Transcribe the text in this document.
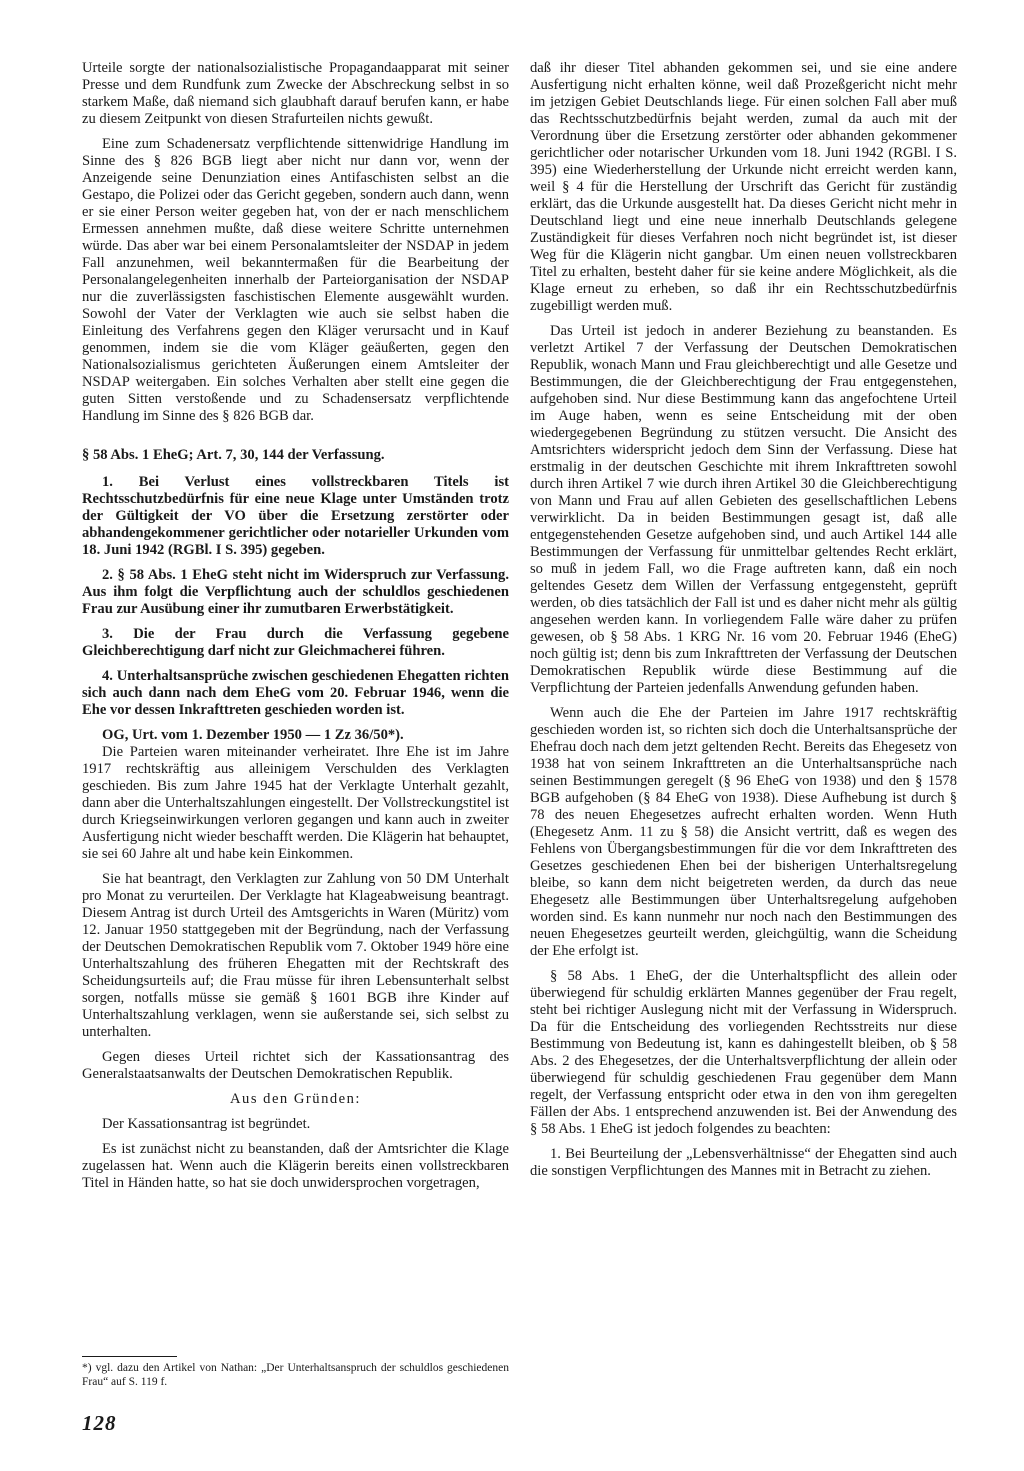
Urteile sorgte der nationalsozialistische Propagandaapparat mit seiner Presse und dem Rundfunk zum Zwecke der Abschreckung selbst in so starkem Maße, daß niemand sich glaubhaft darauf berufen kann, er habe zu diesem Zeitpunkt von diesen Strafurteilen nichts gewußt.

Eine zum Schadenersatz verpflichtende sittenwidrige Handlung im Sinne des § 826 BGB liegt aber nicht nur dann vor, wenn der Anzeigende seine Denunziation eines Antifaschisten selbst an die Gestapo, die Polizei oder das Gericht gegeben, sondern auch dann, wenn er sie einer Person weiter gegeben hat, von der er nach menschlichem Ermessen annehmen mußte, daß diese weitere Schritte unternehmen würde. Das aber war bei einem Personalamtsleiter der NSDAP in jedem Fall anzunehmen, weil bekanntermaßen für die Bearbeitung der Personalangelegenheiten innerhalb der Parteiorganisation der NSDAP nur die zuverlässigsten faschistischen Elemente ausgewählt wurden. Sowohl der Vater der Verklagten wie auch sie selbst haben die Einleitung des Verfahrens gegen den Kläger verursacht und in Kauf genommen, indem sie die vom Kläger geäußerten, gegen den Nationalsozialismus gerichteten Äußerungen einem Amtsleiter der NSDAP weitergaben. Ein solches Verhalten aber stellt eine gegen die guten Sitten verstoßende und zu Schadensersatz verpflichtende Handlung im Sinne des § 826 BGB dar.

§ 58 Abs. 1 EheG; Art. 7, 30, 144 der Verfassung.

1. Bei Verlust eines vollstreckbaren Titels ist Rechtsschutzbedürfnis für eine neue Klage unter Umständen trotz der Gültigkeit der VO über die Ersetzung zerstörter oder abhandengekommener gerichtlicher oder notarieller Urkunden vom 18. Juni 1942 (RGBl. I S. 395) gegeben.

2. § 58 Abs. 1 EheG steht nicht im Widerspruch zur Verfassung. Aus ihm folgt die Verpflichtung auch der schuldlos geschiedenen Frau zur Ausübung einer ihr zumutbaren Erwerbstätigkeit.

3. Die der Frau durch die Verfassung gegebene Gleichberechtigung darf nicht zur Gleichmacherei führen.

4. Unterhaltsansprüche zwischen geschiedenen Ehegatten richten sich auch dann nach dem EheG vom 20. Februar 1946, wenn die Ehe vor dessen Inkrafttreten geschieden worden ist.

OG, Urt. vom 1. Dezember 1950 — 1 Zz 36/50*).

Die Parteien waren miteinander verheiratet. Ihre Ehe ist im Jahre 1917 rechtskräftig aus alleinigem Verschulden des Verklagten geschieden. Bis zum Jahre 1945 hat der Verklagte Unterhalt gezahlt, dann aber die Unterhaltszahlungen eingestellt. Der Vollstreckungstitel ist durch Kriegseinwirkungen verloren gegangen und kann auch in zweiter Ausfertigung nicht wieder beschafft werden. Die Klägerin hat behauptet, sie sei 60 Jahre alt und habe kein Einkommen.

Sie hat beantragt, den Verklagten zur Zahlung von 50 DM Unterhalt pro Monat zu verurteilen. Der Verklagte hat Klageabweisung beantragt. Diesem Antrag ist durch Urteil des Amtsgerichts in Waren (Müritz) vom 12. Januar 1950 stattgegeben mit der Begründung, nach der Verfassung der Deutschen Demokratischen Republik vom 7. Oktober 1949 höre eine Unterhaltszahlung des früheren Ehegatten mit der Rechtskraft des Scheidungsurteils auf; die Frau müsse für ihren Lebensunterhalt selbst sorgen, notfalls müsse sie gemäß § 1601 BGB ihre Kinder auf Unterhaltszahlung verklagen, wenn sie außerstande sei, sich selbst zu unterhalten.

Gegen dieses Urteil richtet sich der Kassationsantrag des Generalstaatsanwalts der Deutschen Demokratischen Republik.

Aus den Gründen:

Der Kassationsantrag ist begründet.

Es ist zunächst nicht zu beanstanden, daß der Amtsrichter die Klage zugelassen hat. Wenn auch die Klägerin bereits einen vollstreckbaren Titel in Händen hatte, so hat sie doch unwidersprochen vorgetragen,

daß ihr dieser Titel abhanden gekommen sei, und sie eine andere Ausfertigung nicht erhalten könne, weil daß Prozeßgericht nicht mehr im jetzigen Gebiet Deutschlands liege. Für einen solchen Fall aber muß das Rechtsschutzbedürfnis bejaht werden, zumal da auch mit der Verordnung über die Ersetzung zerstörter oder abhanden gekommener gerichtlicher oder notarischer Urkunden vom 18. Juni 1942 (RGBl. I S. 395) eine Wiederherstellung der Urkunde nicht erreicht werden kann, weil § 4 für die Herstellung der Urschrift das Gericht für zuständig erklärt, das die Urkunde ausgestellt hat. Da dieses Gericht nicht mehr in Deutschland liegt und eine neue innerhalb Deutschlands gelegene Zuständigkeit für dieses Verfahren noch nicht begründet ist, ist dieser Weg für die Klägerin nicht gangbar. Um einen neuen vollstreckbaren Titel zu erhalten, besteht daher für sie keine andere Möglichkeit, als die Klage erneut zu erheben, so daß ihr ein Rechtsschutzbedürfnis zugebilligt werden muß.

Das Urteil ist jedoch in anderer Beziehung zu beanstanden. Es verletzt Artikel 7 der Verfassung der Deutschen Demokratischen Republik, wonach Mann und Frau gleichberechtigt und alle Gesetze und Bestimmungen, die der Gleichberechtigung der Frau entgegenstehen, aufgehoben sind. Nur diese Bestimmung kann das angefochtene Urteil im Auge haben, wenn es seine Entscheidung mit der oben wiedergegebenen Begründung zu stützen versucht. Die Ansicht des Amtsrichters widerspricht jedoch dem Sinn der Verfassung. Diese hat erstmalig in der deutschen Geschichte mit ihrem Inkrafttreten sowohl durch ihren Artikel 7 wie durch ihren Artikel 30 die Gleichberechtigung von Mann und Frau auf allen Gebieten des gesellschaftlichen Lebens verwirklicht. Da in beiden Bestimmungen gesagt ist, daß alle entgegenstehenden Gesetze aufgehoben sind, und auch Artikel 144 alle Bestimmungen der Verfassung für unmittelbar geltendes Recht erklärt, so muß in jedem Fall, wo die Frage auftreten kann, daß ein noch geltendes Gesetz dem Willen der Verfassung entgegensteht, geprüft werden, ob dies tatsächlich der Fall ist und es daher nicht mehr als gültig angesehen werden kann. In vorliegendem Falle wäre daher zu prüfen gewesen, ob § 58 Abs. 1 KRG Nr. 16 vom 20. Februar 1946 (EheG) noch gültig ist; denn bis zum Inkrafttreten der Verfassung der Deutschen Demokratischen Republik würde diese Bestimmung auf die Verpflichtung der Parteien jedenfalls Anwendung gefunden haben.

Wenn auch die Ehe der Parteien im Jahre 1917 rechtskräftig geschieden worden ist, so richten sich doch die Unterhaltsansprüche der Ehefrau doch nach dem jetzt geltenden Recht. Bereits das Ehegesetz von 1938 hat von seinem Inkrafttreten an die Unterhaltsansprüche nach seinen Bestimmungen geregelt (§ 96 EheG von 1938) und den § 1578 BGB aufgehoben (§ 84 EheG von 1938). Diese Aufhebung ist durch § 78 des neuen Ehegesetzes aufrecht erhalten worden. Wenn Huth (Ehegesetz Anm. 11 zu § 58) die Ansicht vertritt, daß es wegen des Fehlens von Übergangsbestimmungen für die vor dem Inkrafttreten des Gesetzes geschiedenen Ehen bei der bisherigen Unterhaltsregelung bleibe, so kann dem nicht beigetreten werden, da durch das neue Ehegesetz alle Bestimmungen über Unterhaltsregelung aufgehoben worden sind. Es kann nunmehr nur noch nach den Bestimmungen des neuen Ehegesetzes geurteilt werden, gleichgültig, wann die Scheidung der Ehe erfolgt ist.

§ 58 Abs. 1 EheG, der die Unterhaltspflicht des allein oder überwiegend für schuldig erklärten Mannes gegenüber der Frau regelt, steht bei richtiger Auslegung nicht mit der Verfassung in Widerspruch. Da für die Entscheidung des vorliegenden Rechtsstreits nur diese Bestimmung von Bedeutung ist, kann es dahingestellt bleiben, ob § 58 Abs. 2 des Ehegesetzes, der die Unterhaltsverpflichtung der allein oder überwiegend für schuldig geschiedenen Frau gegenüber dem Mann regelt, der Verfassung entspricht oder etwa in den von ihm geregelten Fällen der Abs. 1 entsprechend anzuwenden ist. Bei der Anwendung des § 58 Abs. 1 EheG ist jedoch folgendes zu beachten:

1. Bei Beurteilung der „Lebensverhältnisse“ der Ehegatten sind auch die sonstigen Verpflichtungen des Mannes mit in Betracht zu ziehen.

*) vgl. dazu den Artikel von Nathan: „Der Unterhaltsanspruch der schuldlos geschiedenen Frau“ auf S. 119 f.
128
